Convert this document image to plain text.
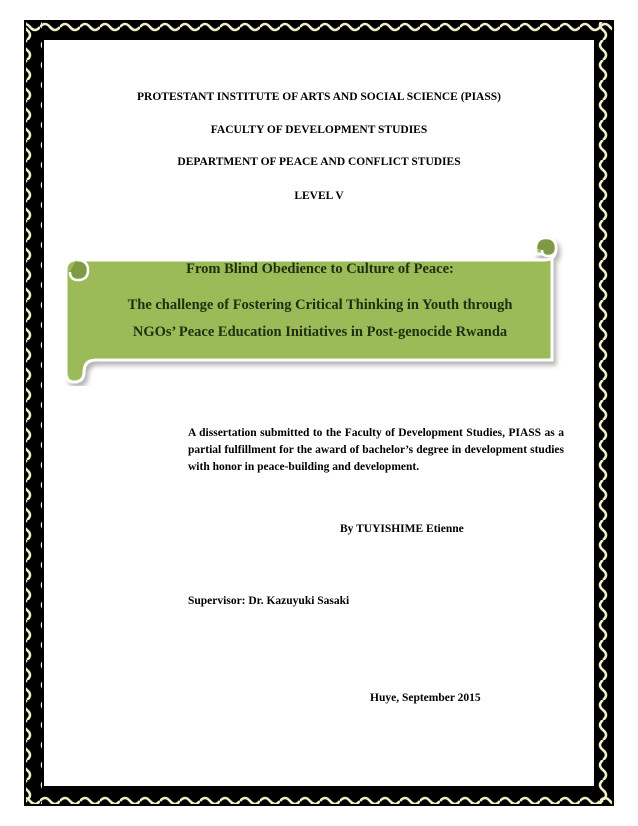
PROTESTANT INSTITUTE OF ARTS AND SOCIAL SCIENCE (PIASS)
FACULTY OF DEVELOPMENT STUDIES
DEPARTMENT OF PEACE AND CONFLICT STUDIES
LEVEL V
From Blind Obedience to Culture of Peace:
The challenge of Fostering Critical Thinking in Youth through
NGOs’ Peace Education Initiatives in Post-genocide Rwanda
A dissertation submitted to the Faculty of Development Studies, PIASS as a partial fulfillment for the award of bachelor’s degree in development studies with honor in peace-building and development.
By TUYISHIME Etienne
Supervisor: Dr. Kazuyuki Sasaki
Huye, September 2015
